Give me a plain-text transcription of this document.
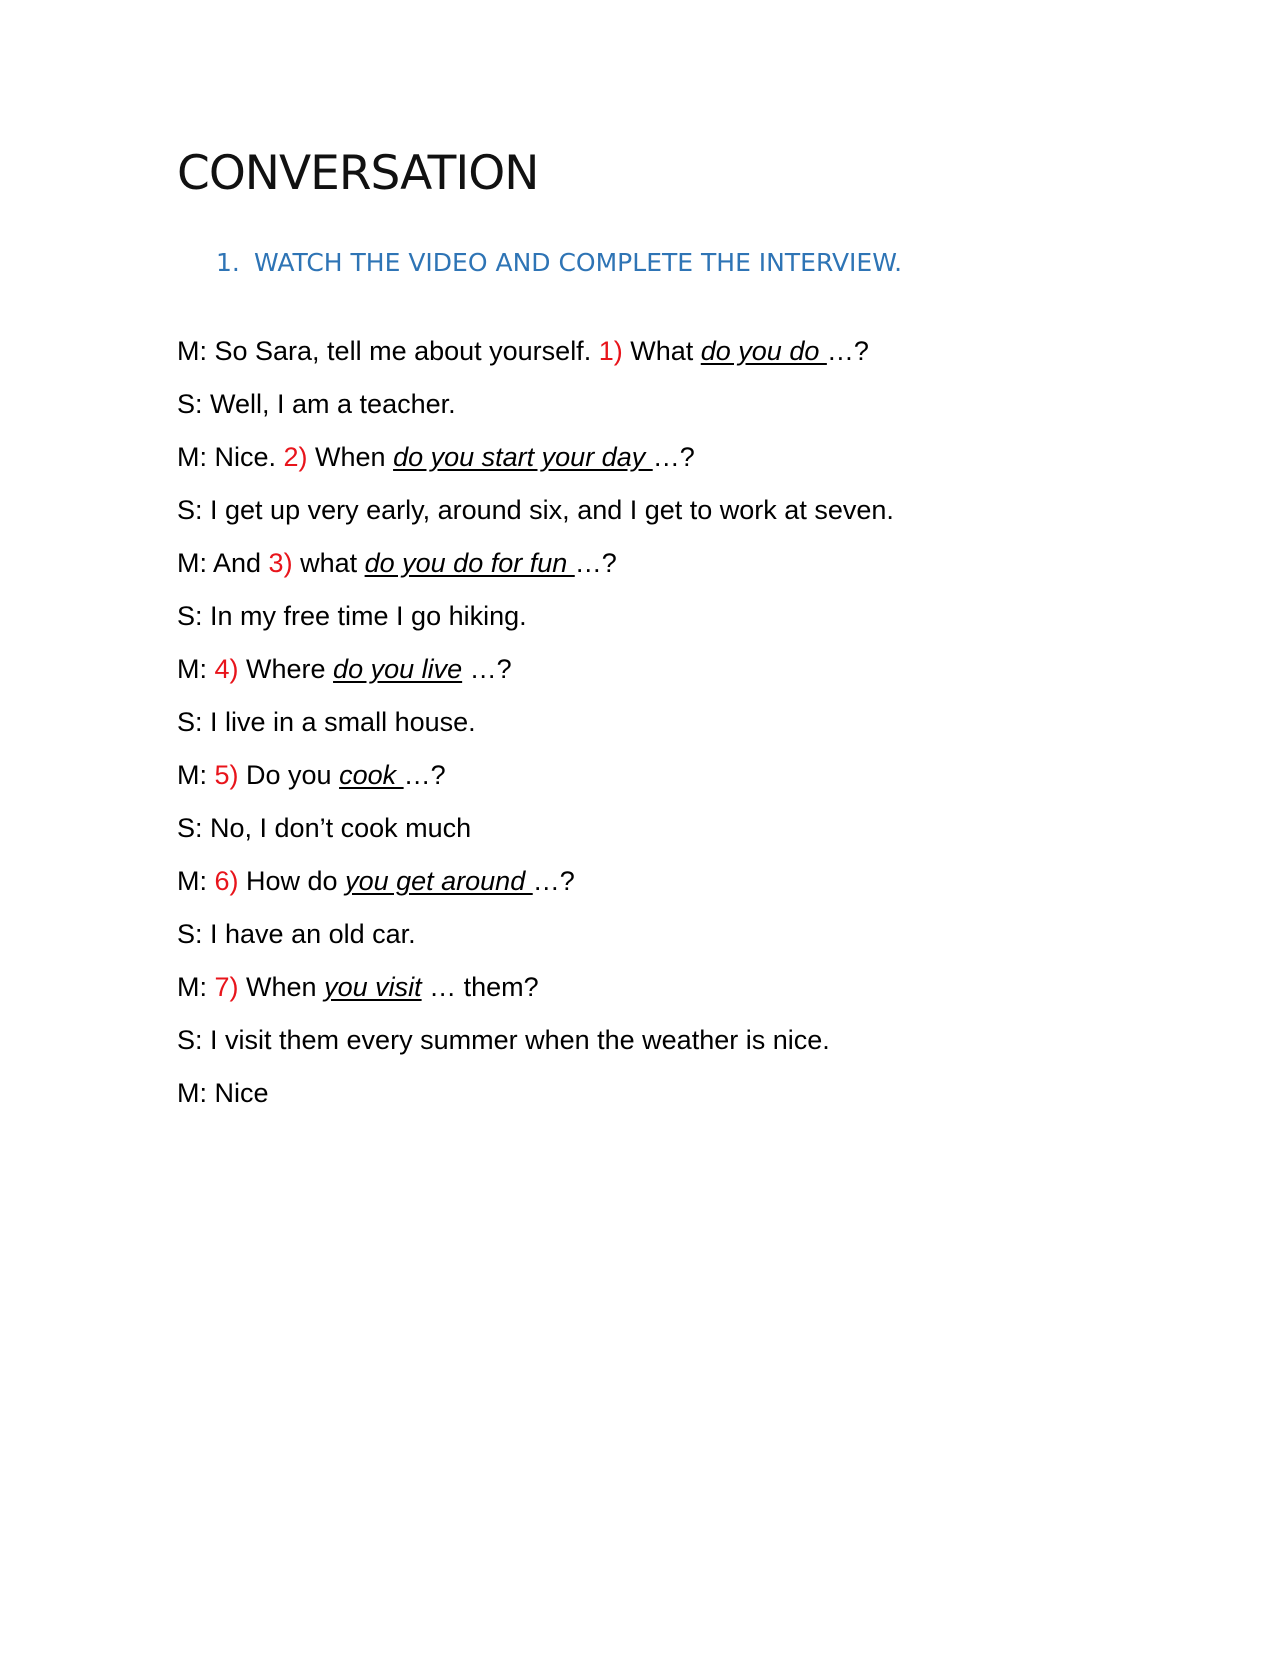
CONVERSATION

1. WATCH THE VIDEO AND COMPLETE THE INTERVIEW.

M: So Sara, tell me about yourself. 1) What do you do …?
S: Well, I am a teacher.
M: Nice. 2) When do you start your day …?
S: I get up very early, around six, and I get to work at seven.
M: And 3) what do you do for fun …?
S: In my free time I go hiking.
M: 4) Where do you live …?
S: I live in a small house.
M: 5) Do you cook …?
S: No, I don’t cook much
M: 6) How do you get around …?
S: I have an old car.
M: 7) When you visit … them?
S: I visit them every summer when the weather is nice.
M: Nice
